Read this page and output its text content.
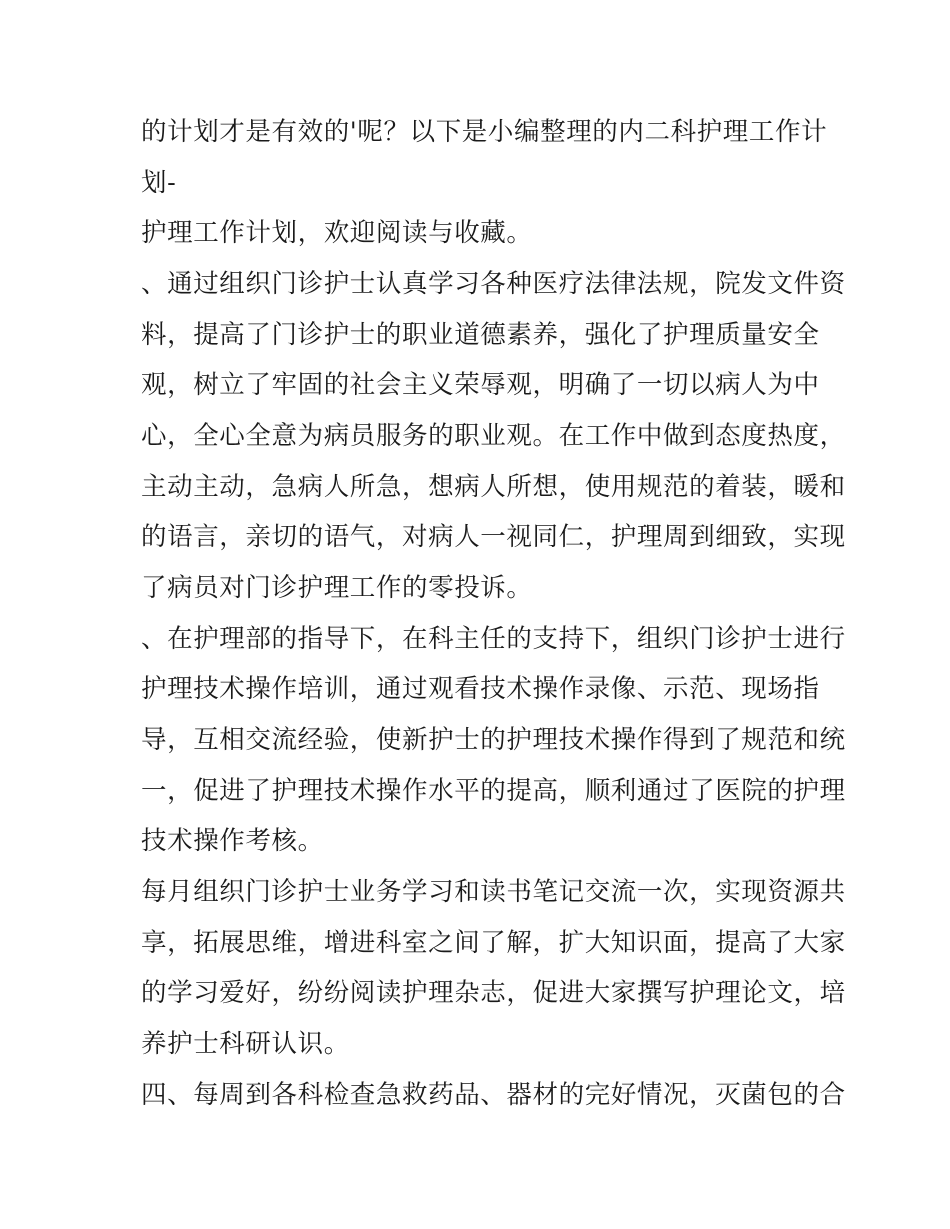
的计划才是有效的'呢？以下是小编整理的内二科护理工作计
划-
护理工作计划，欢迎阅读与收藏。
、通过组织门诊护士认真学习各种医疗法律法规，院发文件资
料，提高了门诊护士的职业道德素养，强化了护理质量安全
观，树立了牢固的社会主义荣辱观，明确了一切以病人为中
心，全心全意为病员服务的职业观。在工作中做到态度热度，
主动主动，急病人所急，想病人所想，使用规范的着装，暖和
的语言，亲切的语气，对病人一视同仁，护理周到细致，实现
了病员对门诊护理工作的零投诉。
、在护理部的指导下，在科主任的支持下，组织门诊护士进行
护理技术操作培训，通过观看技术操作录像、示范、现场指
导，互相交流经验，使新护士的护理技术操作得到了规范和统
一，促进了护理技术操作水平的提高，顺利通过了医院的护理
技术操作考核。
每月组织门诊护士业务学习和读书笔记交流一次，实现资源共
享，拓展思维，增进科室之间了解，扩大知识面，提高了大家
的学习爱好，纷纷阅读护理杂志，促进大家撰写护理论文，培
养护士科研认识。
四、每周到各科检查急救药品、器材的完好情况，灭菌包的合
